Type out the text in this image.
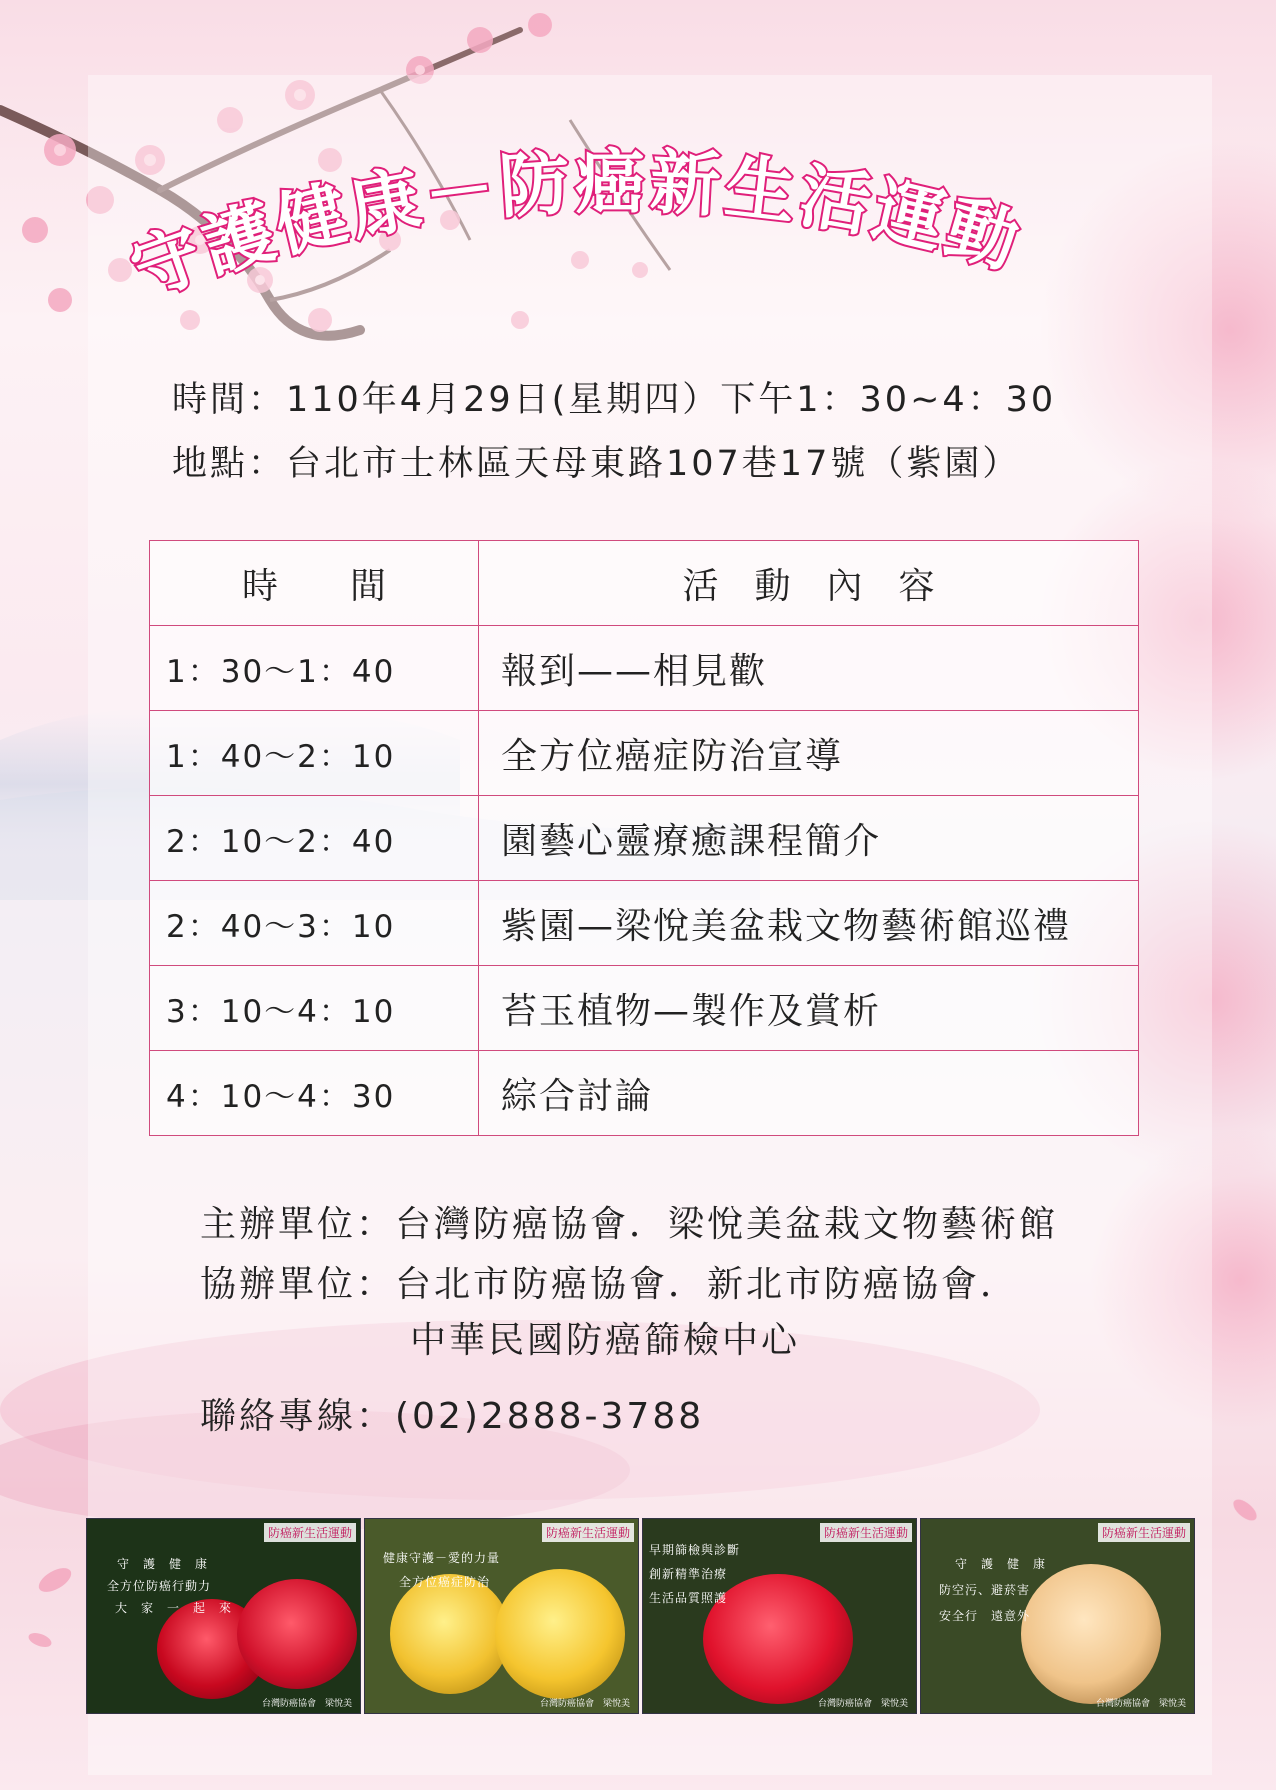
守護健康－防癌新生活運動
時間：110年4月29日(星期四）下午1：30~4：30
地點：台北市士林區天母東路107巷17號（紫園）
時　　間	活　動　內　容
1：30～1：40	報到——相見歡
1：40～2：10	全方位癌症防治宣導
2：10～2：40	園藝心靈療癒課程簡介
2：40～3：10	紫園—梁悅美盆栽文物藝術館巡禮
3：10～4：10	苔玉植物—製作及賞析
4：10～4：30	綜合討論
主辦單位：台灣防癌協會．梁悅美盆栽文物藝術館
協辦單位：台北市防癌協會．新北市防癌協會．
中華民國防癌篩檢中心
聯絡專線：(02)2888-3788
防癌新生活運動
守　護　健　康
全方位防癌行動力
大　家　一　起　來
台灣防癌協會　梁悅美
防癌新生活運動
健康守護－愛的力量
全方位癌症防治
台灣防癌協會　梁悅美
防癌新生活運動
早期篩檢與診斷
創新精準治療
生活品質照護
台灣防癌協會　梁悅美
防癌新生活運動
守　護　健　康
防空污、避菸害
安全行　遠意外
台灣防癌協會　梁悅美
